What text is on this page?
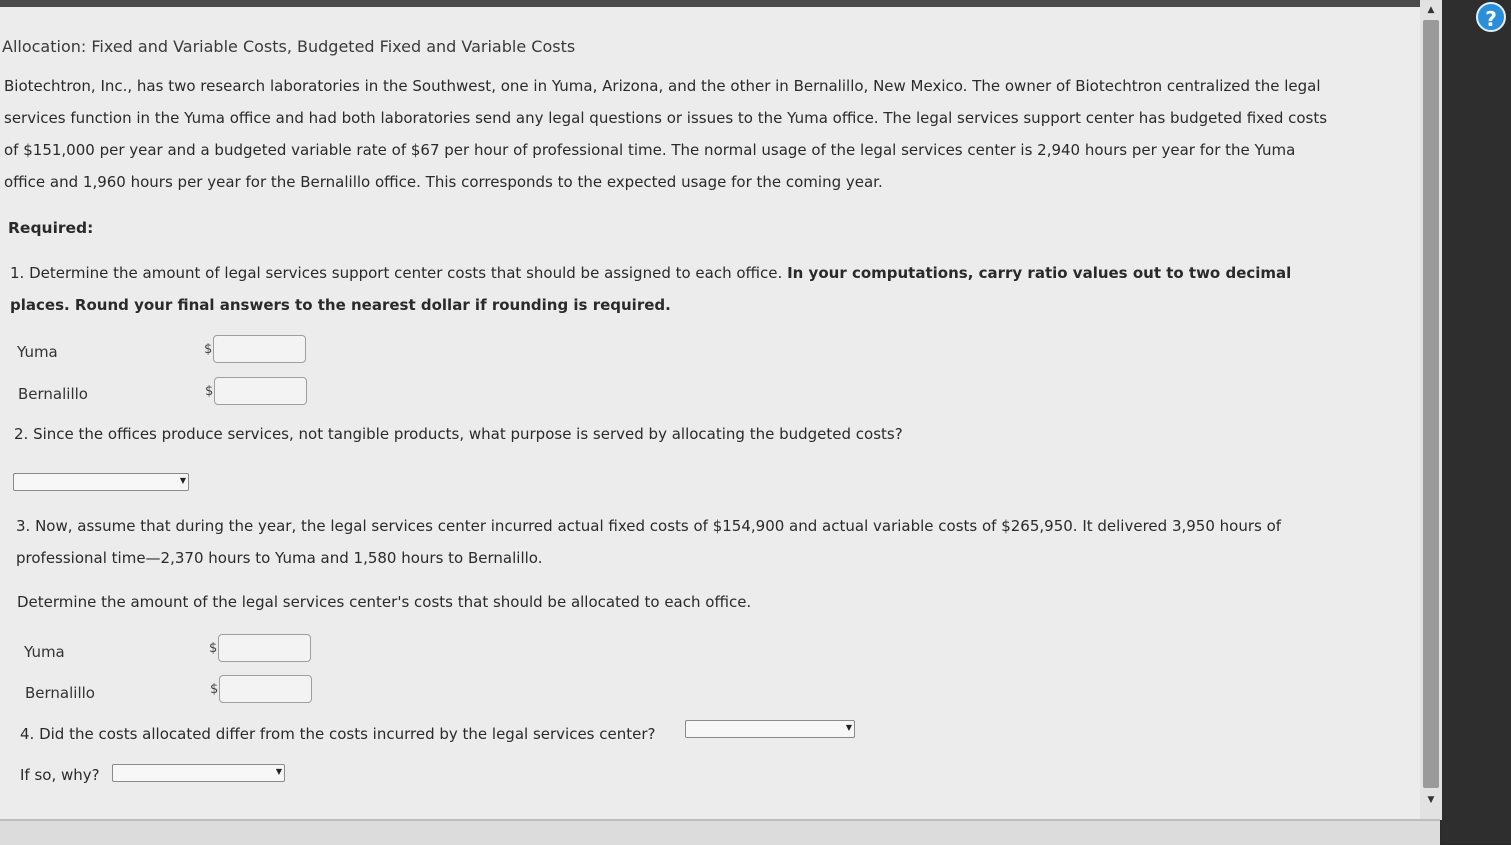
Allocation: Fixed and Variable Costs, Budgeted Fixed and Variable Costs

Biotechtron, Inc., has two research laboratories in the Southwest, one in Yuma, Arizona, and the other in Bernalillo, New Mexico. The owner of Biotechtron centralized the legal

services function in the Yuma office and had both laboratories send any legal questions or issues to the Yuma office. The legal services support center has budgeted fixed costs

of $151,000 per year and a budgeted variable rate of $67 per hour of professional time. The normal usage of the legal services center is 2,940 hours per year for the Yuma

office and 1,960 hours per year for the Bernalillo office. This corresponds to the expected usage for the coming year.

Required:

1. Determine the amount of legal services support center costs that should be assigned to each office. In your computations, carry ratio values out to two decimal

places. Round your final answers to the nearest dollar if rounding is required.

Yuma	$
Bernalillo	$

2. Since the offices produce services, not tangible products, what purpose is served by allocating the budgeted costs?

▼

3. Now, assume that during the year, the legal services center incurred actual fixed costs of $154,900 and actual variable costs of $265,950. It delivered 3,950 hours of

professional time—2,370 hours to Yuma and 1,580 hours to Bernalillo.

Determine the amount of the legal services center's costs that should be allocated to each office.

Yuma	$
Bernalillo	$

4. Did the costs allocated differ from the costs incurred by the legal services center?	▼
If so, why?	▼
▲
▼
?
